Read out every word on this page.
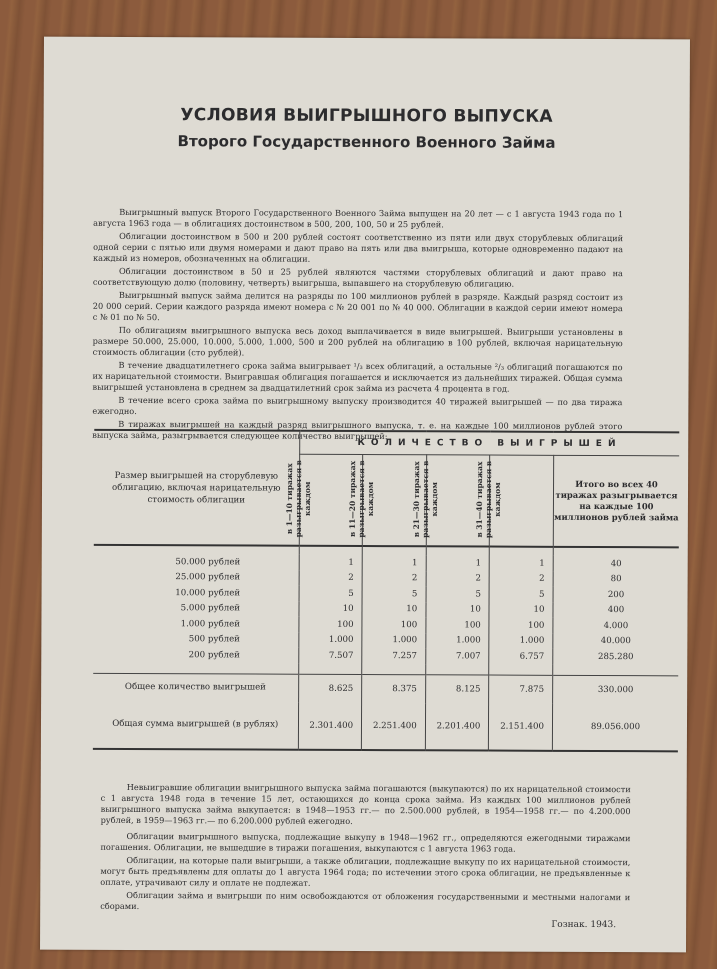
УСЛОВИЯ ВЫИГРЫШНОГО ВЫПУСКА
Второго Государственного Военного Займа

Выигрышный выпуск Второго Государственного Военного Займа выпущен на 20 лет — с 1 августа 1943 года по 1 августа 1963 года — в облигациях достоинством в 500, 200, 100, 50 и 25 рублей.

Облигации достоинством в 500 и 200 рублей состоят соответственно из пяти или двух сторублевых облигаций одной серии с пятью или двумя номерами и дают право на пять или два выигрыша, которые одновременно падают на каждый из номеров, обозначенных на облигации.

Облигации достоинством в 50 и 25 рублей являются частями сторублевых облигаций и дают право на соответствующую долю (половину, четверть) выигрыша, выпавшего на сторублевую облигацию.

Выигрышный выпуск займа делится на разряды по 100 миллионов рублей в разряде. Каждый разряд состоит из 20 000 серий. Серии каждого разряда имеют номера с № 20 001 по № 40 000. Облигации в каждой серии имеют номера с № 01 по № 50.

По облигациям выигрышного выпуска весь доход выплачивается в виде выигрышей. Выигрыши установлены в размере 50.000, 25.000, 10.000, 5.000, 1.000, 500 и 200 рублей на облигацию в 100 рублей, включая нарицательную стоимость облигации (сто рублей).

В течение двадцатилетнего срока займа выигрывает ¹/₃ всех облигаций, а остальные ²/₃ облигаций погашаются по их нарицательной стоимости. Выигравшая облигация погашается и исключается из дальнейших тиражей. Общая сумма выигрышей установлена в среднем за двадцатилетний срок займа из расчета 4 процента в год.

В течение всего срока займа по выигрышному выпуску производится 40 тиражей выигрышей — по два тиража ежегодно.

В тиражах выигрышей на каждый разряд выигрышного выпуска, т. е. на каждые 100 миллионов рублей этого выпуска займа, разыгрывается следующее количество выигрышей:

Размер выигрышей на сторублевую облигацию, включая нарицательную стоимость облигации	КОЛИЧЕСТВО ВЫИГРЫШЕЙ				

	в 1—10 тиражах разыгрывается в каждом	в 11—20 тиражах разыгрывается в каждом	в 21—30 тиражах разыгрывается в каждом	в 31—40 тиражах разыгрывается в каждом	Итого во всех 40 тиражах разыгрывается на каждые 100 миллионов рублей займа

50.000 рублей	1	1	1	1	40
25.000 рублей	2	2	2	2	80
10.000 рублей	5	5	5	5	200
5.000 рублей	10	10	10	10	400
1.000 рублей	100	100	100	100	4.000
500 рублей	1.000	1.000	1.000	1.000	40.000
200 рублей	7.507	7.257	7.007	6.757	285.280

Общее количество выигрышей	8.625	8.375	8.125	7.875	330.000
Общая сумма выигрышей (в рублях)	2.301.400	2.251.400	2.201.400	2.151.400	89.056.000

Невыигравшие облигации выигрышного выпуска займа погашаются (выкупаются) по их нарицательной стоимости с 1 августа 1948 года в течение 15 лет, остающихся до конца срока займа. Из каждых 100 миллионов рублей выигрышного выпуска займа выкупается: в 1948—1953 гг.— по 2.500.000 рублей, в 1954—1958 гг.— по 4.200.000 рублей, в 1959—1963 гг.— по 6.200.000 рублей ежегодно.

Облигации выигрышного выпуска, подлежащие выкупу в 1948—1962 гг., определяются ежегодными тиражами погашения. Облигации, не вышедшие в тиражи погашения, выкупаются с 1 августа 1963 года.

Облигации, на которые пали выигрыши, а также облигации, подлежащие выкупу по их нарицательной стоимости, могут быть предъявлены для оплаты до 1 августа 1964 года; по истечении этого срока облигации, не предъявленные к оплате, утрачивают силу и оплате не подлежат.

Облигации займа и выигрыши по ним освобождаются от обложения государственными и местными налогами и сборами.

Гознак. 1943.
